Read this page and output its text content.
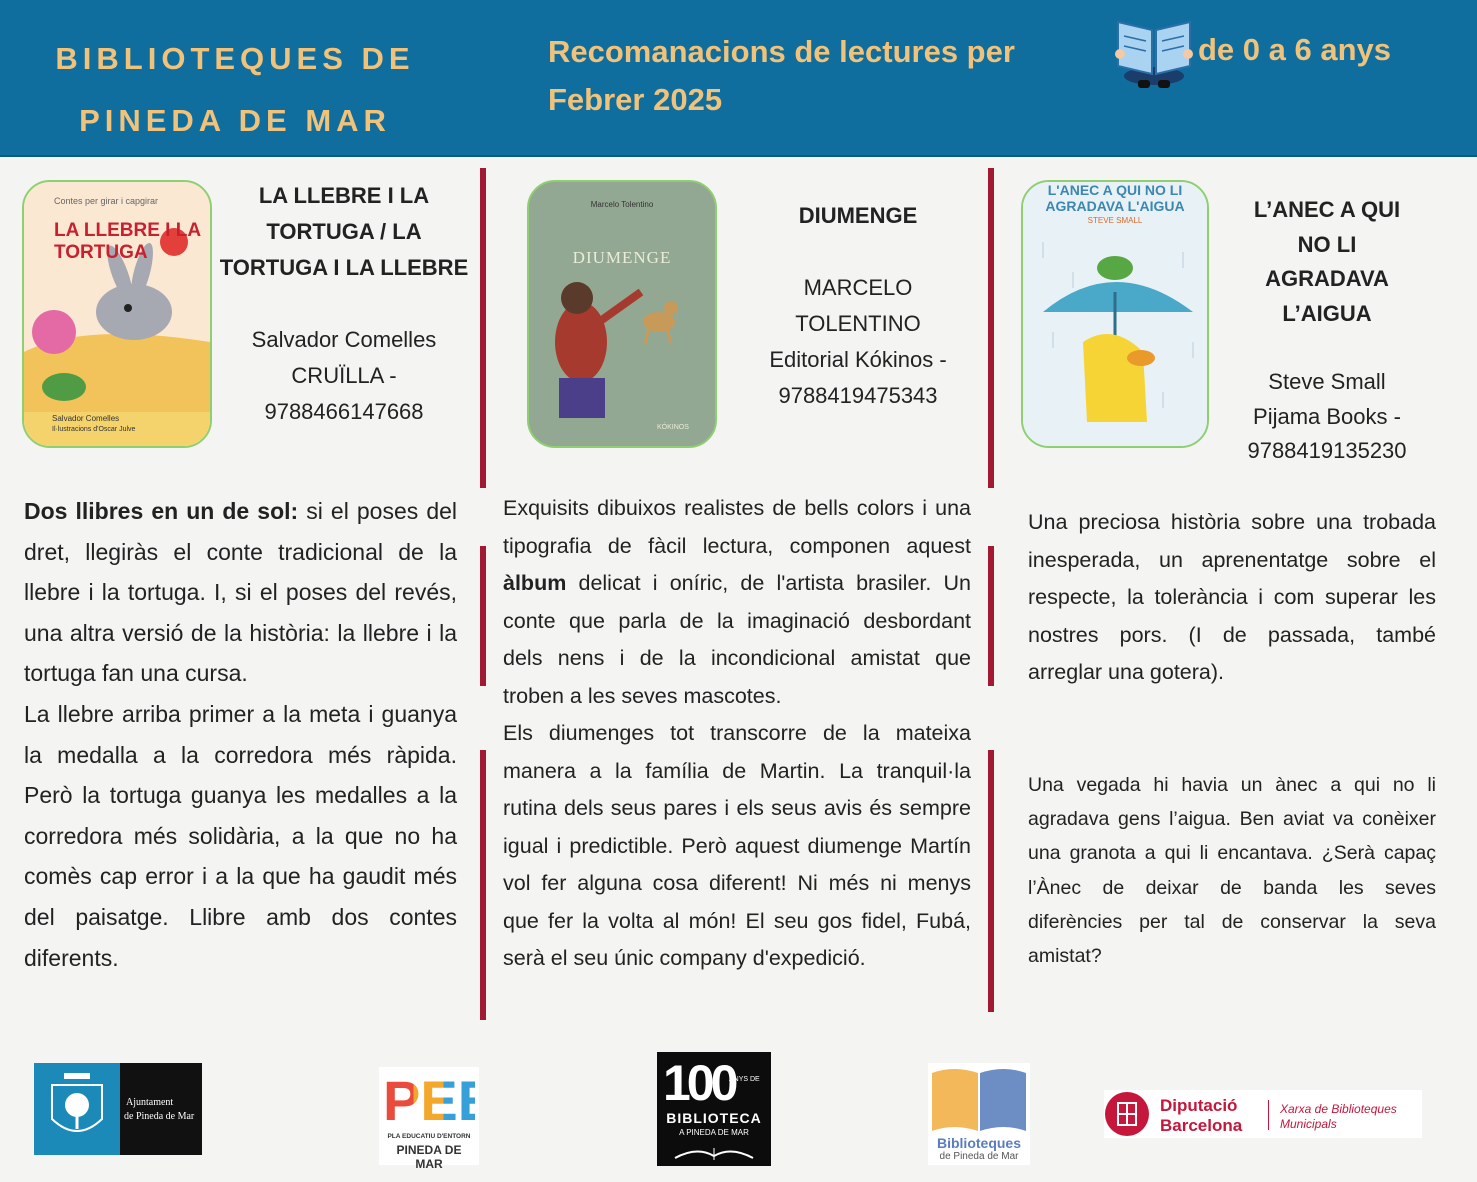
BIBLIOTEQUES DE
PINEDA DE MAR
Recomanacions de lectures per
Febrer 2025
de 0 a 6 anys
Contes per girar i capgirar
LA LLEBRE I LA TORTUGA
Salvador Comelles
Il·lustracions d'Oscar Julve
LA LLEBRE I LA
TORTUGA / LA
TORTUGA I LA LLEBRE
Salvador Comelles
CRUÏLLA -
9788466147668
Marcelo Tolentino
DIUMENGE
KÓKINOS
DIUMENGE
MARCELO
TOLENTINO
Editorial Kókinos -
9788419475343
L'ANEC A QUI NO LI
AGRADAVA L'AIGUA
STEVE SMALL	L’ANEC A QUI
NO LI
AGRADAVA
L’AIGUA
Steve Small
Pijama Books -
9788419135230

Dos llibres en un de sol: si el poses del dret, llegiràs el conte tradicional de la llebre i la tortuga. I, si el poses del revés, una altra versió de la història: la llebre i la tortuga fan una cursa.

La llebre arriba primer a la meta i guanya la medalla a la corredora més ràpida. Però la tortuga guanya les medalles a la corredora més solidària, a la que no ha comès cap error i a la que ha gaudit més del paisatge. Llibre amb dos contes diferents.

Exquisits dibuixos realistes de bells colors i una tipografia de fàcil lectura, componen aquest àlbum delicat i oníric, de l'artista brasiler. Un conte que parla de la imaginació desbordant dels nens i de la incondicional amistat que troben a les seves mascotes.

Els diumenges tot transcorre de la mateixa manera a la família de Martin. La tranquil·la rutina dels seus pares i els seus avis és sempre igual i predictible. Però aquest diumenge Martín vol fer alguna cosa diferent! Ni més ni menys que fer la volta al món! El seu gos fidel, Fubá, serà el seu únic company d'expedició.

Una preciosa història sobre una trobada inesperada, un aprenentatge sobre el respecte, la tolerància i com superar les nostres pors. (I de passada, també arreglar una gotera).

Una vegada hi havia un ànec a qui no li agradava gens l’aigua. Ben aviat va conèixer una granota a qui li encantava. ¿Serà capaç l’Ànec de deixar de banda les seves diferències per tal de conservar la seva amistat?

Ajuntament
de Pineda de Mar	PEE
PLA EDUCATIU D'ENTORN
PINEDA DE MAR
100
ANYS DE
BIBLIOTECA
A PINEDA DE MAR
Biblioteques
de Pineda de Mar
Diputació
Barcelona
Xarxa de Biblioteques
Municipals
